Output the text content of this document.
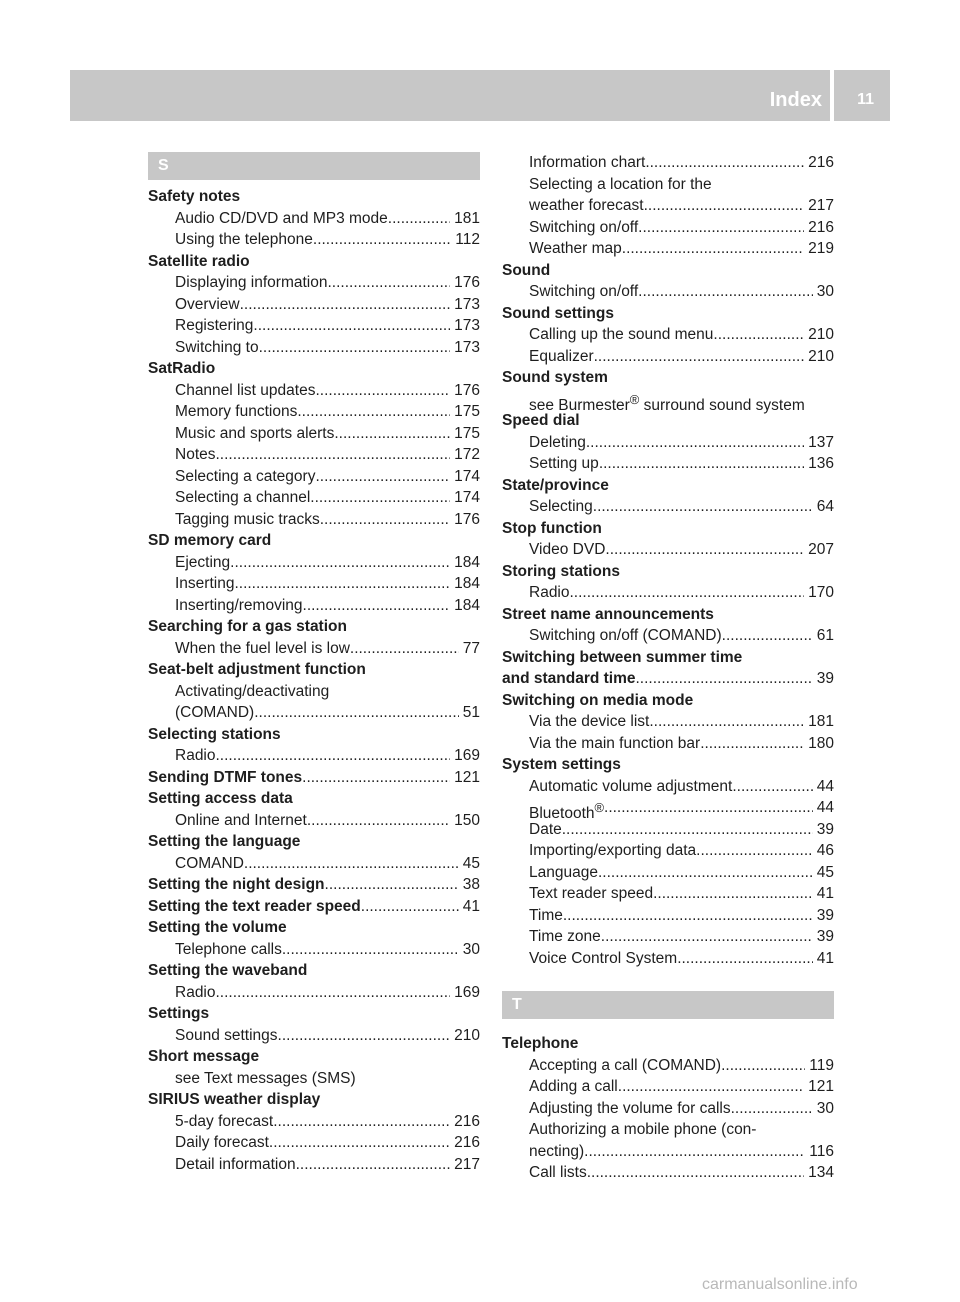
Index 11
S
Safety notes
Audio CD/DVD and MP3 mode .....	181
Using the telephone .....	112
Satellite radio
Displaying information .....	176
Overview .....	173
Registering .....	173
Switching to .....	173
SatRadio
Channel list updates .....	176
Memory functions .....	175
Music and sports alerts .....	175
Notes .....	172
Selecting a category .....	174
Selecting a channel .....	174
Tagging music tracks .....	176
SD memory card
Ejecting .....	184
Inserting .....	184
Inserting/removing .....	184
Searching for a gas station
When the fuel level is low .....	77
Seat-belt adjustment function
Activating/deactivating
(COMAND) .....	51
Selecting stations
Radio .....	169
Sending DTMF tones .....	121
Setting access data
Online and Internet .....	150
Setting the language
COMAND .....	45
Setting the night design .....	38
Setting the text reader speed .....	41
Setting the volume
Telephone calls .....	30
Setting the waveband
Radio .....	169
Settings
Sound settings .....	210
Short message
see Text messages (SMS)
SIRIUS weather display
5-day forecast .....	216
Daily forecast .....	216
Detail information .....	217
Information chart .....	216
Selecting a location for the
weather forecast .....	217
Switching on/off .....	216
Weather map .....	219
Sound
Switching on/off .....	30
Sound settings
Calling up the sound menu .....	210
Equalizer .....	210
Sound system
see Burmester® surround sound system
Speed dial
Deleting .....	137
Setting up .....	136
State/province
Selecting .....	64
Stop function
Video DVD .....	207
Storing stations
Radio .....	170
Street name announcements
Switching on/off (COMAND) .....	61
Switching between summer time
and standard time .....	39
Switching on media mode
Via the device list .....	181
Via the main function bar .....	180
System settings
Automatic volume adjustment .....	44
Bluetooth® .....	44
Date .....	39
Importing/exporting data .....	46
Language .....	45
Text reader speed .....	41
Time .....	39
Time zone .....	39
Voice Control System .....	41
T
Telephone
Accepting a call (COMAND) .....	119
Adding a call .....	121
Adjusting the volume for calls .....	30
Authorizing a mobile phone (con-
necting) .....	116
Call lists .....	134
carmanualsonline.info
